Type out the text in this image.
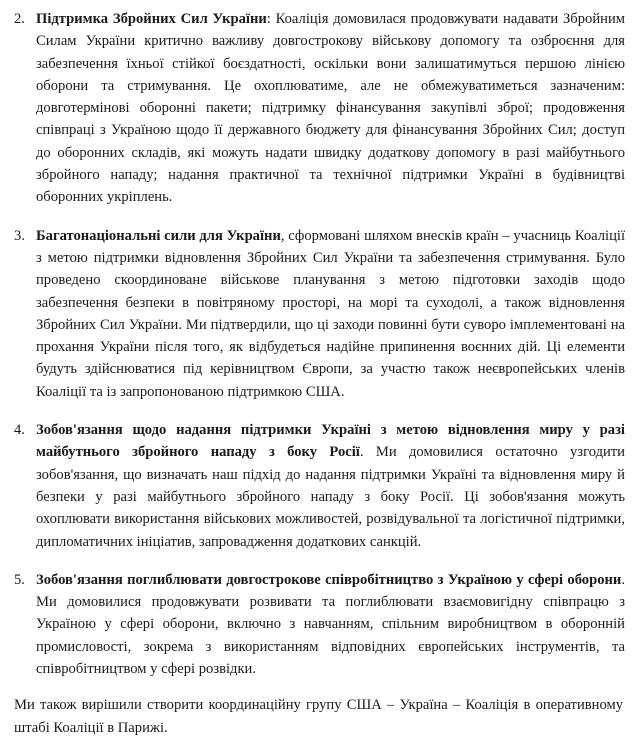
2. Підтримка Збройних Сил України: Коаліція домовилася продовжувати надавати Збройним Силам України критично важливу довгострокову військову допомогу та озброєння для забезпечення їхньої стійкої боєздатності, оскільки вони залишатимуться першою лінією оборони та стримування. Це охоплюватиме, але не обмежуватиметься зазначеним: довготермінові оборонні пакети; підтримку фінансування закупівлі зброї; продовження співпраці з Україною щодо її державного бюджету для фінансування Збройних Сил; доступ до оборонних складів, які можуть надати швидку додаткову допомогу в разі майбутнього збройного нападу; надання практичної та технічної підтримки Україні в будівництві оборонних укріплень.
3. Багатонаціональні сили для України, сформовані шляхом внесків країн – учасниць Коаліції з метою підтримки відновлення Збройних Сил України та забезпечення стримування. Було проведено скоординоване військове планування з метою підготовки заходів щодо забезпечення безпеки в повітряному просторі, на морі та суходолі, а також відновлення Збройних Сил України. Ми підтвердили, що ці заходи повинні бути суворо імплементовані на прохання України після того, як відбудеться надійне припинення воєнних дій. Ці елементи будуть здійснюватися під керівництвом Європи, за участю також неєвропейських членів Коаліції та із запропонованою підтримкою США.
4. Зобов'язання щодо надання підтримки Україні з метою відновлення миру у разі майбутнього збройного нападу з боку Росії. Ми домовилися остаточно узгодити зобов'язання, що визначать наш підхід до надання підтримки Україні та відновлення миру й безпеки у разі майбутнього збройного нападу з боку Росії. Ці зобов'язання можуть охоплювати використання військових можливостей, розвідувальної та логістичної підтримки, дипломатичних ініціатив, запровадження додаткових санкцій.
5. Зобов'язання поглиблювати довгострокове співробітництво з Україною у сфері оборони. Ми домовилися продовжувати розвивати та поглиблювати взаємовигідну співпрацю з Україною у сфері оборони, включно з навчанням, спільним виробництвом в оборонній промисловості, зокрема з використанням відповідних європейських інструментів, та співробітництвом у сфері розвідки.

Ми також вирішили створити координаційну групу США – Україна – Коаліція в оперативному штабі Коаліції в Парижі.
